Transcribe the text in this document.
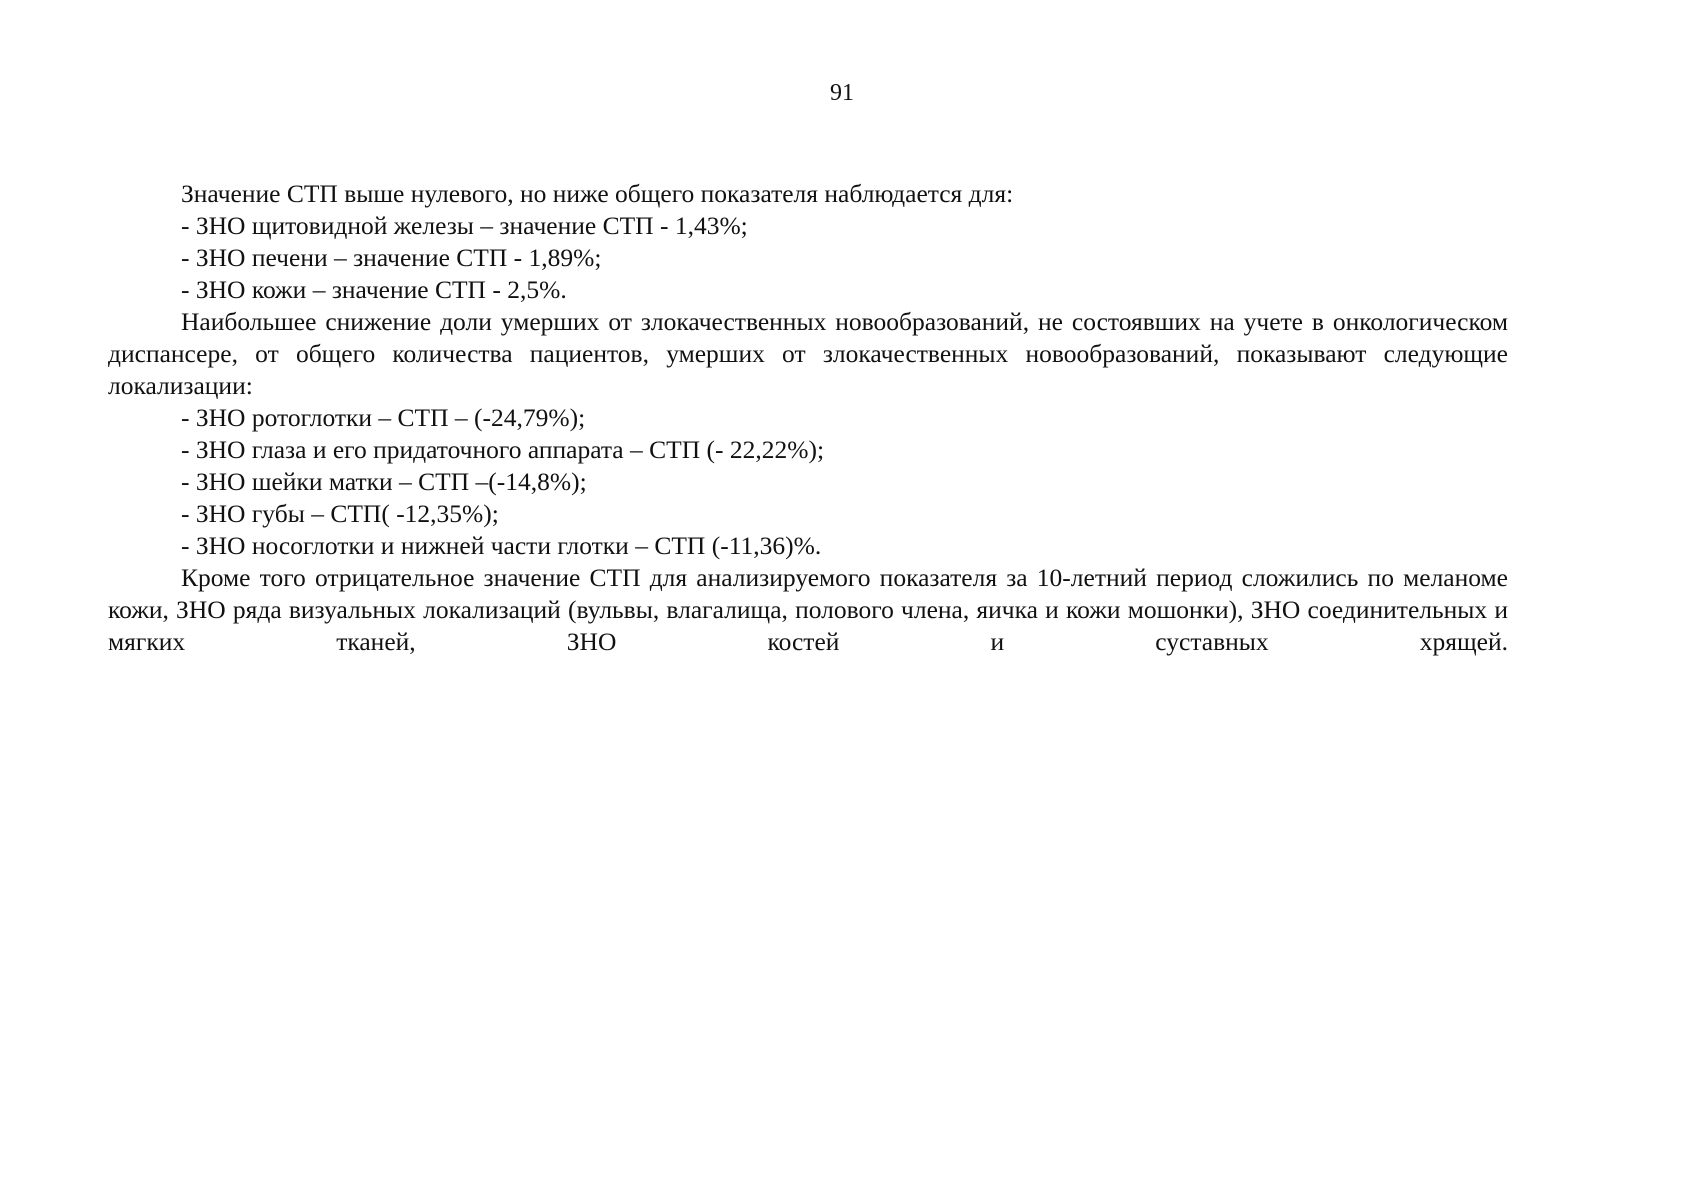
91
Значение СТП выше нулевого, но ниже общего показателя наблюдается для:
- ЗНО щитовидной железы – значение СТП - 1,43%;
- ЗНО печени – значение СТП - 1,89%;
- ЗНО кожи – значение СТП - 2,5%.

Наибольшее снижение доли умерших от злокачественных новообразований, не состоявших на учете в онкологическом диспансере, от общего количества пациентов, умерших от злокачественных новообразований, показывают следующие локализации:

- ЗНО ротоглотки – СТП – (-24,79%);
- ЗНО глаза и его придаточного аппарата – СТП (- 22,22%);
- ЗНО шейки матки – СТП –(-14,8%);
- ЗНО губы – СТП( -12,35%);
- ЗНО носоглотки и нижней части глотки – СТП (-11,36)%.

Кроме того отрицательное значение СТП для анализируемого показателя за 10-летний период сложились по меланоме кожи, ЗНО ряда визуальных локализаций (вульвы, влагалища, полового члена, яичка и кожи мошонки), ЗНО соединительных и мягких тканей, ЗНО костей и суставных хрящей.
